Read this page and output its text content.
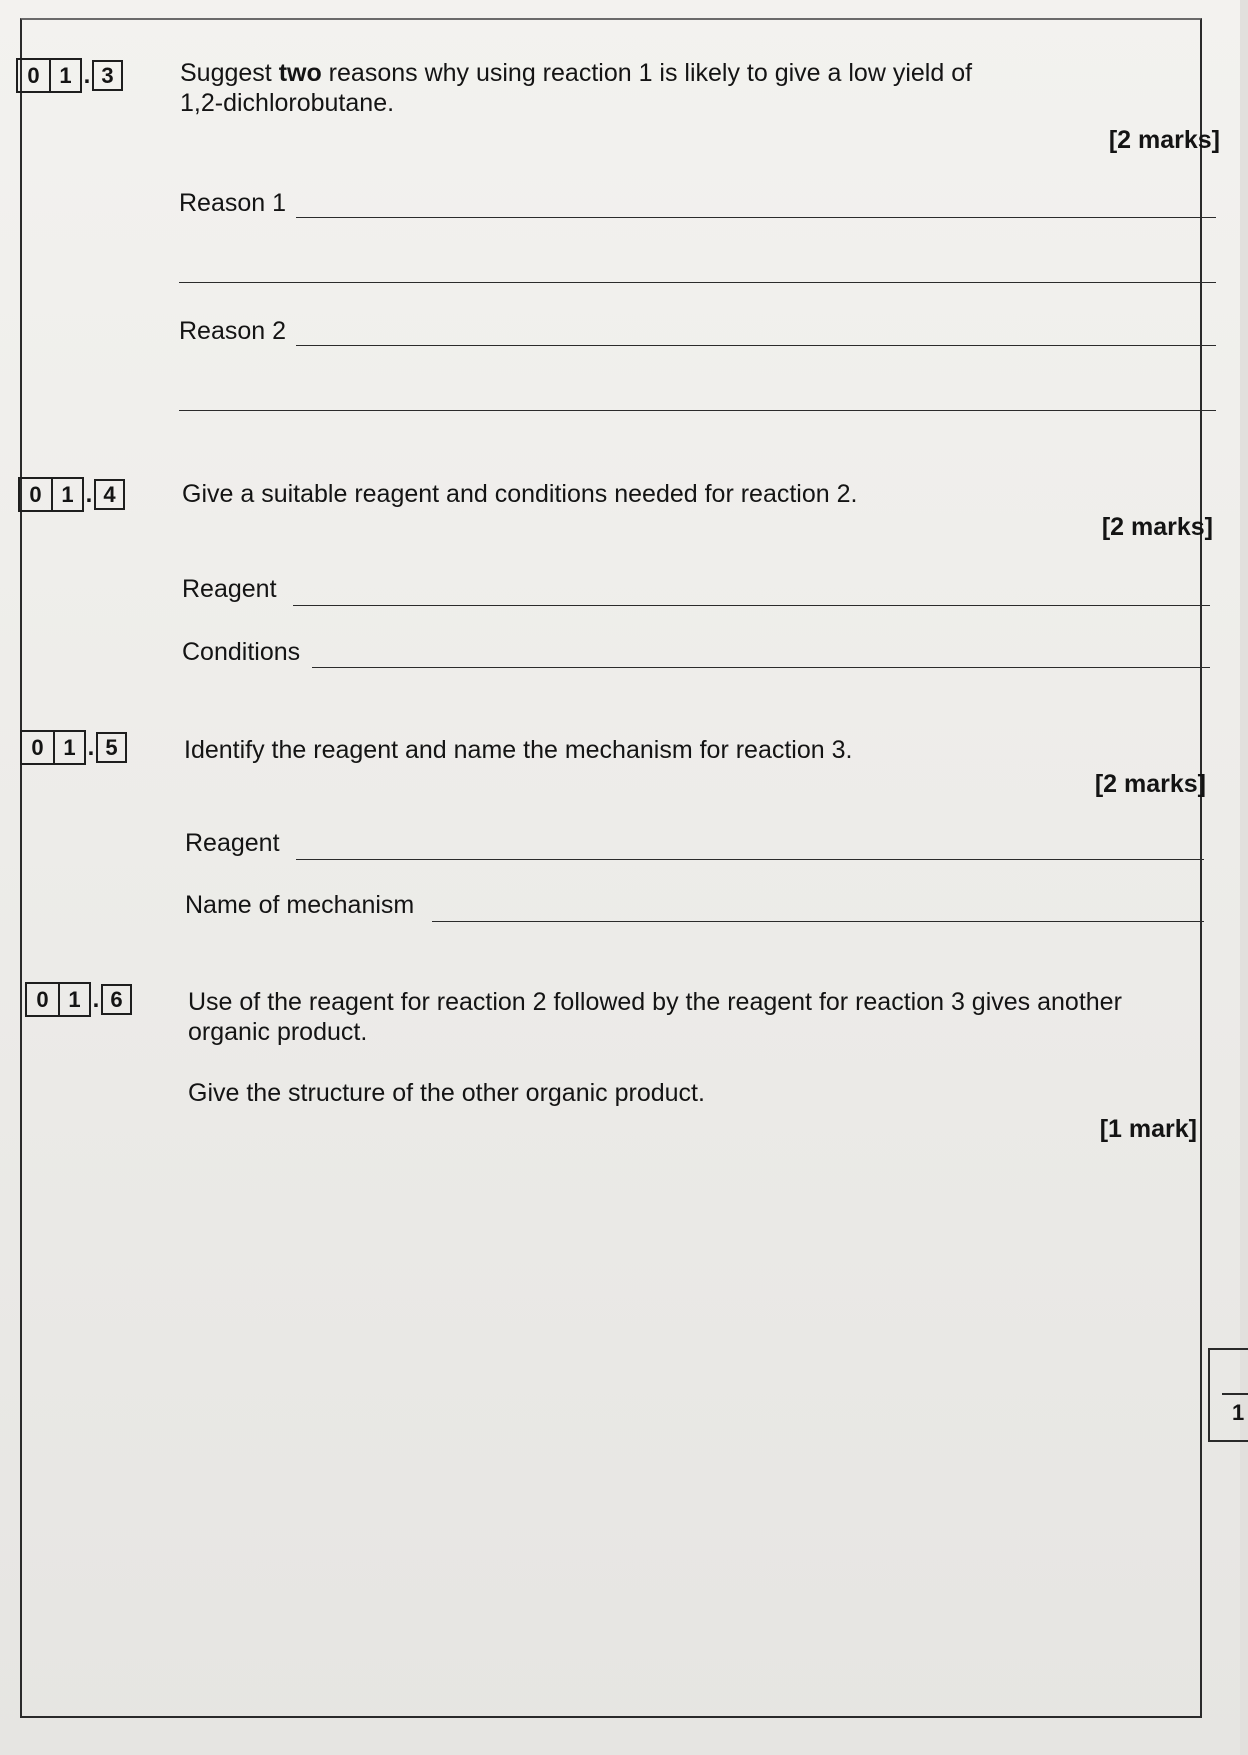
0 1 . 3	Suggest two reasons why using reaction 1 is likely to give a low yield of
1,2-dichlorobutane.
[2 marks]
Reason 1
Reason 2
0 1 . 4	Give a suitable reagent and conditions needed for reaction 2.
[2 marks]
Reagent
Conditions
0 1 . 5	Identify the reagent and name the mechanism for reaction 3.
[2 marks]
Reagent
Name of mechanism
0 1 . 6	Use of the reagent for reaction 2 followed by the reagent for reaction 3 gives another
organic product.
Give the structure of the other organic product.
[1 mark]
1
